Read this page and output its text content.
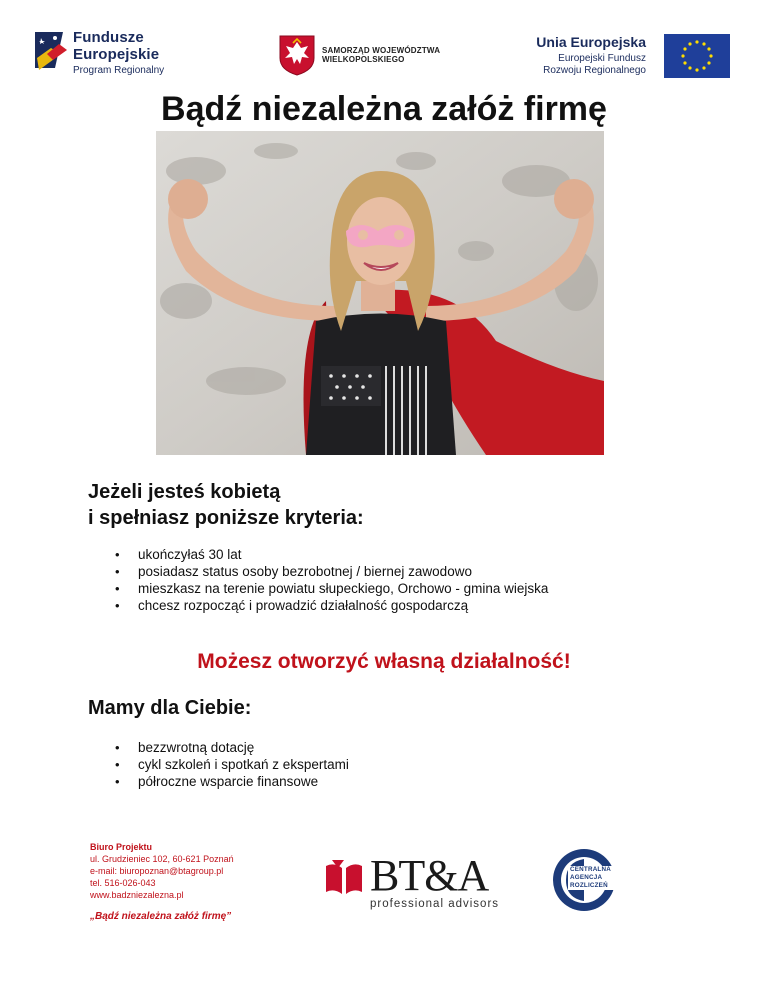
Fundusze
Europejskie
Program Regionalny
SAMORZĄD WOJEWÓDZTWA
WIELKOPOLSKIEGO
Unia Europejska
Europejski Fundusz
Rozwoju Regionalnego
Bądź niezależna załóż firmę
Jeżeli jesteś kobietą
i spełniasz poniższe kryteria:
• ukończyłaś 30 lat
• posiadasz status osoby bezrobotnej / biernej zawodowo
• mieszkasz na terenie powiatu słupeckiego, Orchowo - gmina wiejska
• chcesz rozpocząć i prowadzić działalność gospodarczą

Możesz otworzyć własną działalność!

Mamy dla Ciebie:
• bezzwrotną dotację
• cykl szkoleń i spotkań z ekspertami
• półroczne wsparcie finansowe
Biuro Projektu
ul. Grudzieniec 102, 60-621 Poznań
e-mail: biuropoznan@btagroup.pl
tel. 516-026-043
www.badzniezalezna.pl
„Bądź niezależna załóż firmę”
BT&A
professional advisors
CENTRALNA
AGENCJA
ROZLICZEŃ
